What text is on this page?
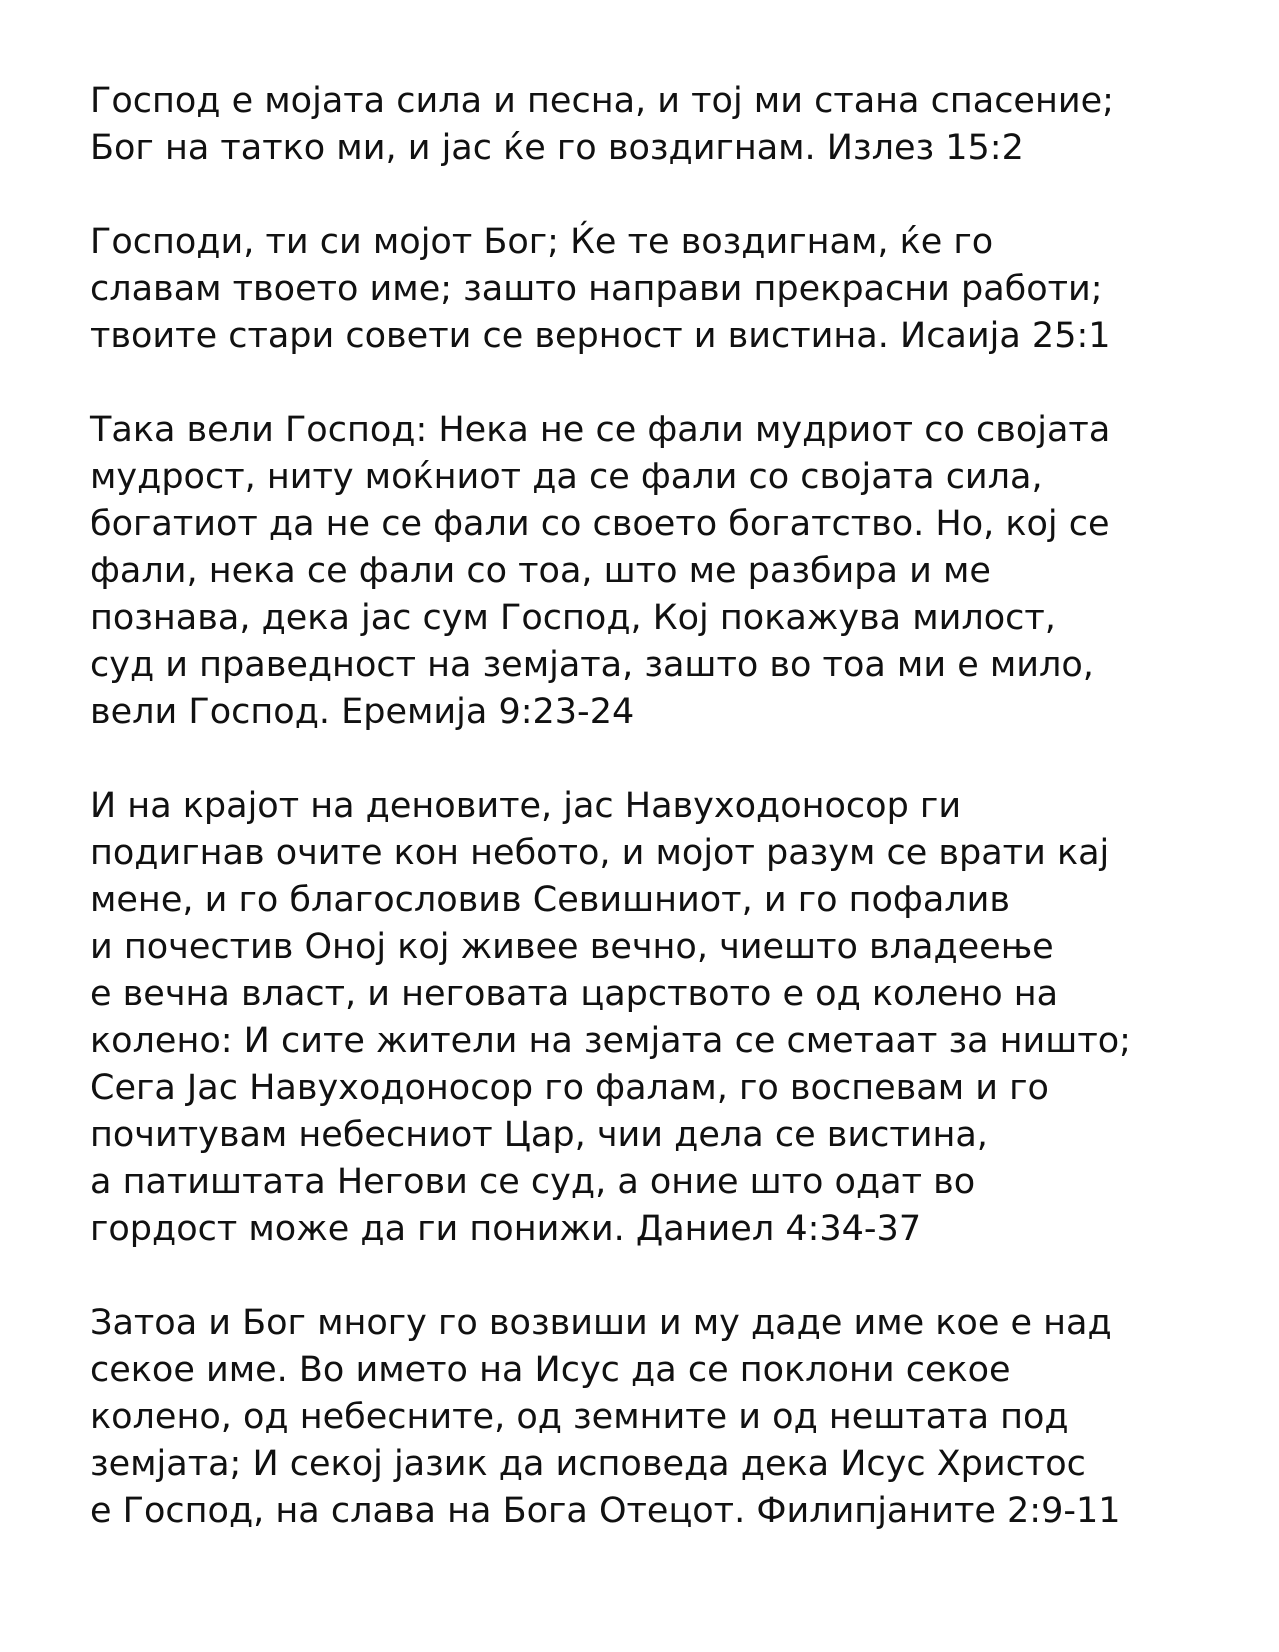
Господ е мојата сила и песна, и тој ми стана спасение;
Бог на татко ми, и јас ќе го воздигнам. Излез 15:2

Господи, ти си мојот Бог; Ќе те воздигнам, ќе го
славам твоето име; зашто направи прекрасни работи;
твоите стари совети се верност и вистина. Исаија 25:1

Така вели Господ: Нека не се фали мудриот со својата
мудрост, ниту моќниот да се фали со својата сила,
богатиот да не се фали со своето богатство. Но, кој се
фали, нека се фали со тоа, што ме разбира и ме
познава, дека јас сум Господ, Кој покажува милост,
суд и праведност на земјата, зашто во тоа ми е мило,
вели Господ. Еремија 9:23-24

И на крајот на деновите, јас Навуходоносор ги
подигнав очите кон небото, и мојот разум се врати кај
мене, и го благословив Севишниот, и го пофалив
и почестив Оној кој живее вечно, чиешто владеење
е вечна власт, и неговата царството е од колено на
колено: И сите жители на земјата се сметаат за ништо;
Сега Јас Навуходоносор го фалам, го воспевам и го
почитувам небесниот Цар, чии дела се вистина,
а патиштата Негови се суд, а оние што одат во
гордост може да ги понижи. Даниел 4:34-37

Затоа и Бог многу го возвиши и му даде име кое е над
секое име. Во името на Исус да се поклони секое
колено, од небесните, од земните и од нештата под
земјата; И секој јазик да исповеда дека Исус Христос
е Господ, на слава на Бога Отецот. Филипјаните 2:9-11
